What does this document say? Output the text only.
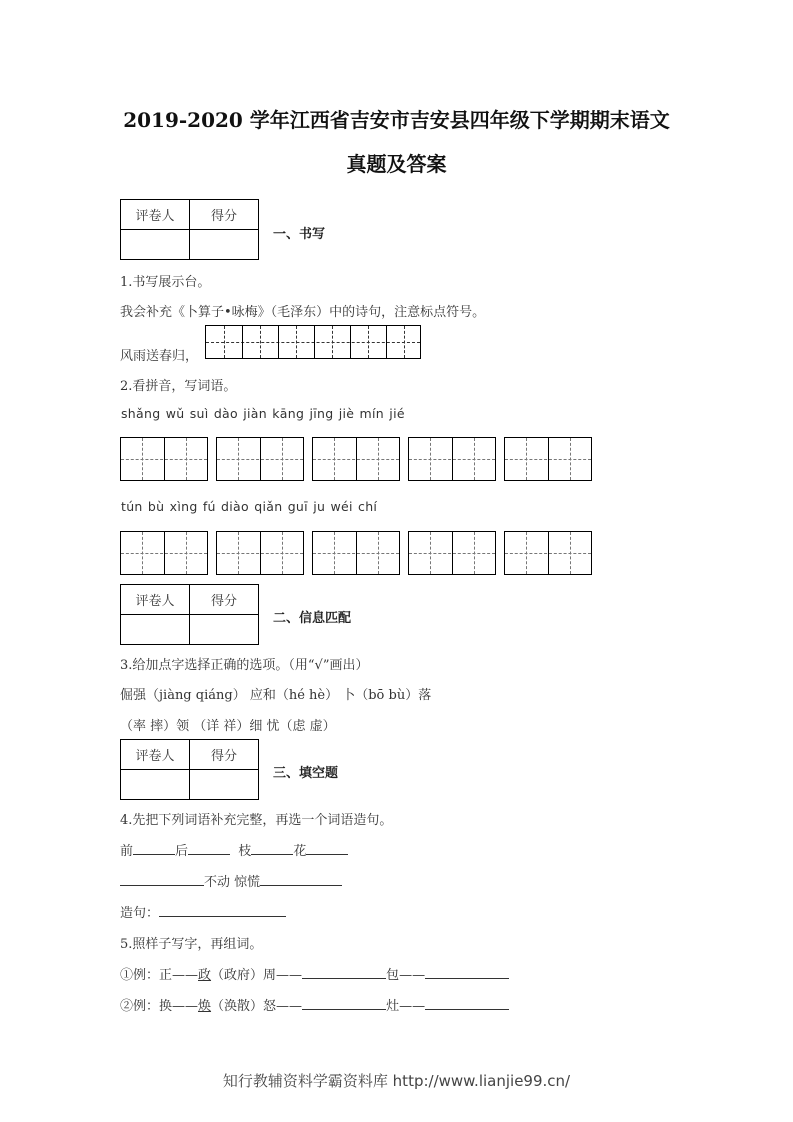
2019-2020 学年江西省吉安市吉安县四年级下学期期末语文
真题及答案
评卷人	得分

一、书写
1.书写展示台。
我会补充《卜算子•咏梅》（毛泽东）中的诗句，注意标点符号。
风雨送春归，
2.看拼音，写词语。
shǎng wǔ suì dào jiàn kāng jīng jiè mín jié
tún bù xìng fú diào qiǎn guī ju wéi chí
评卷人	得分

二、信息匹配
3.给加点字选择正确的选项。（用“√”画出）
倔强（jiàng qiáng） 应和（hé hè） 卜（bō bù）落
（率 摔）领 （详 祥）细 忧（虑 虚）
评卷人	得分

三、填空题
4.先把下列词语补充完整，再选一个词语造句。
前	后	枝	花
不动 惊慌
造句：
5.照样子写字，再组词。
①例：正——政（政府）周——	包——
②例：换——焕（涣散）怒——	灶——
知行教辅资料学霸资料库 http://www.lianjie99.cn/
